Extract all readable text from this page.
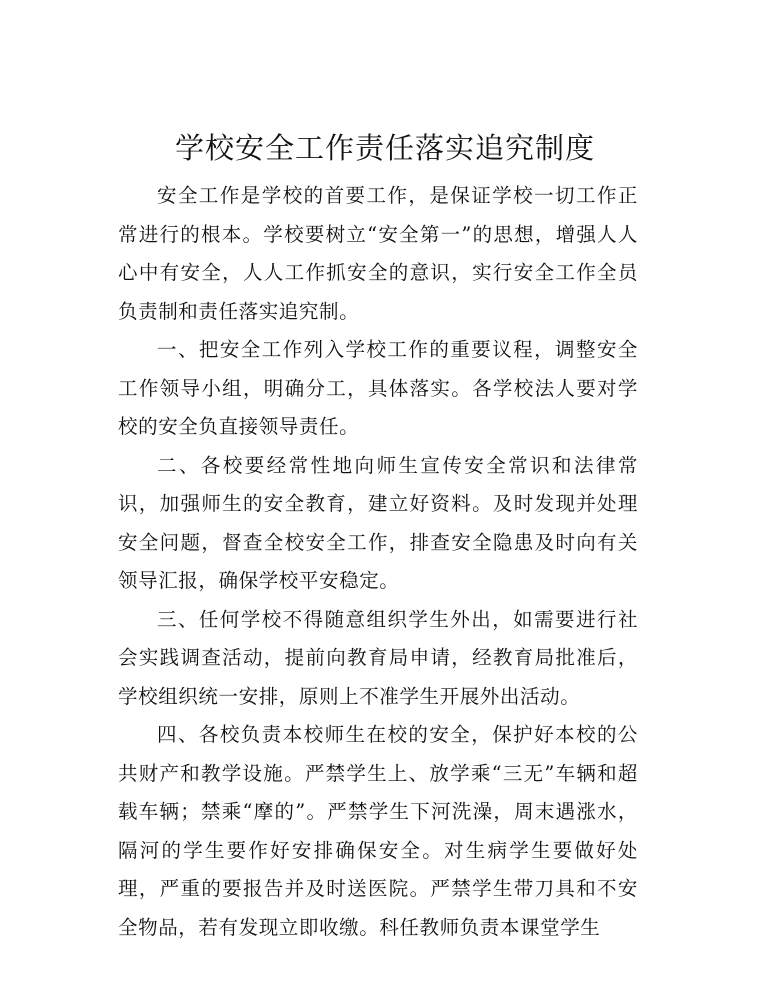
学校安全工作责任落实追究制度

安全工作是学校的首要工作，是保证学校一切工作正常进行的根本。学校要树立“安全第一”的思想，增强人人心中有安全，人人工作抓安全的意识，实行安全工作全员负责制和责任落实追究制。

一、把安全工作列入学校工作的重要议程，调整安全工作领导小组，明确分工，具体落实。各学校法人要对学校的安全负直接领导责任。

二、各校要经常性地向师生宣传安全常识和法律常识，加强师生的安全教育，建立好资料。及时发现并处理安全问题，督查全校安全工作，排查安全隐患及时向有关领导汇报，确保学校平安稳定。

三、任何学校不得随意组织学生外出，如需要进行社会实践调查活动，提前向教育局申请，经教育局批准后，学校组织统一安排，原则上不准学生开展外出活动。

四、各校负责本校师生在校的安全，保护好本校的公共财产和教学设施。严禁学生上、放学乘“三无”车辆和超载车辆；禁乘“摩的”。严禁学生下河洗澡，周末遇涨水，隔河的学生要作好安排确保安全。对生病学生要做好处理，严重的要报告并及时送医院。严禁学生带刀具和不安全物品，若有发现立即收缴。科任教师负责本课堂学生
